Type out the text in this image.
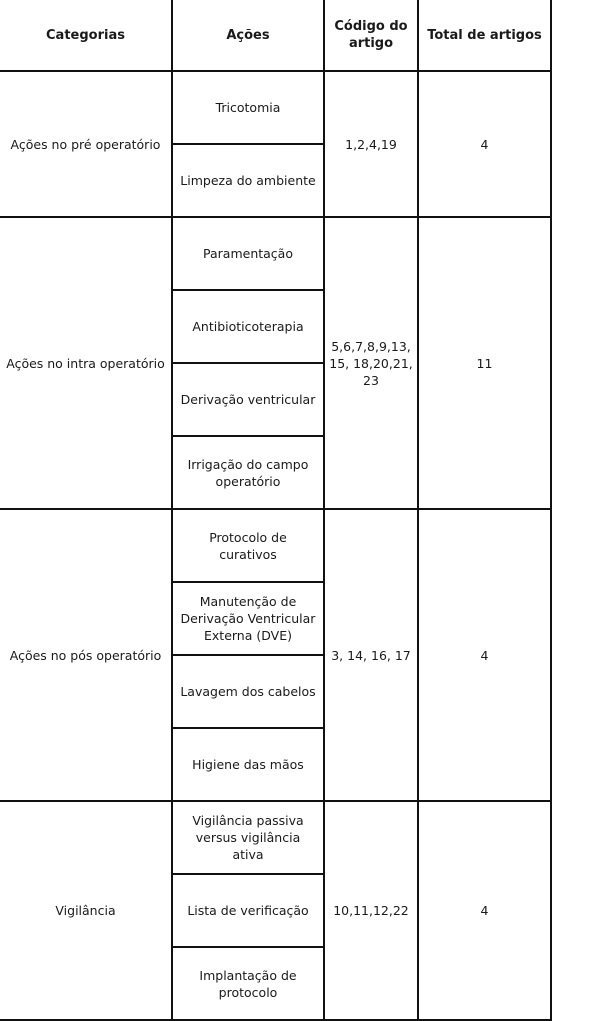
Categorias	Ações	Código do artigo	Total de artigos
Ações no pré operatório	Tricotomia	1,2,4,19	4
	Limpeza do ambiente		
Ações no intra operatório	Paramentação	5,6,7,8,9,13,15, 18,20,21,23	11
	Antibioticoterapia		
	Derivação ventricular		
	Irrigação do campo operatório		
Ações no pós operatório	Protocolo de curativos	3, 14, 16, 17	4
	Manutenção de Derivação Ventricular Externa (DVE)		
	Lavagem dos cabelos		
	Higiene das mãos		
Vigilância	Vigilância passiva versus vigilância ativa	10,11,12,22	4
	Lista de verificação		
	Implantação de protocolo		
